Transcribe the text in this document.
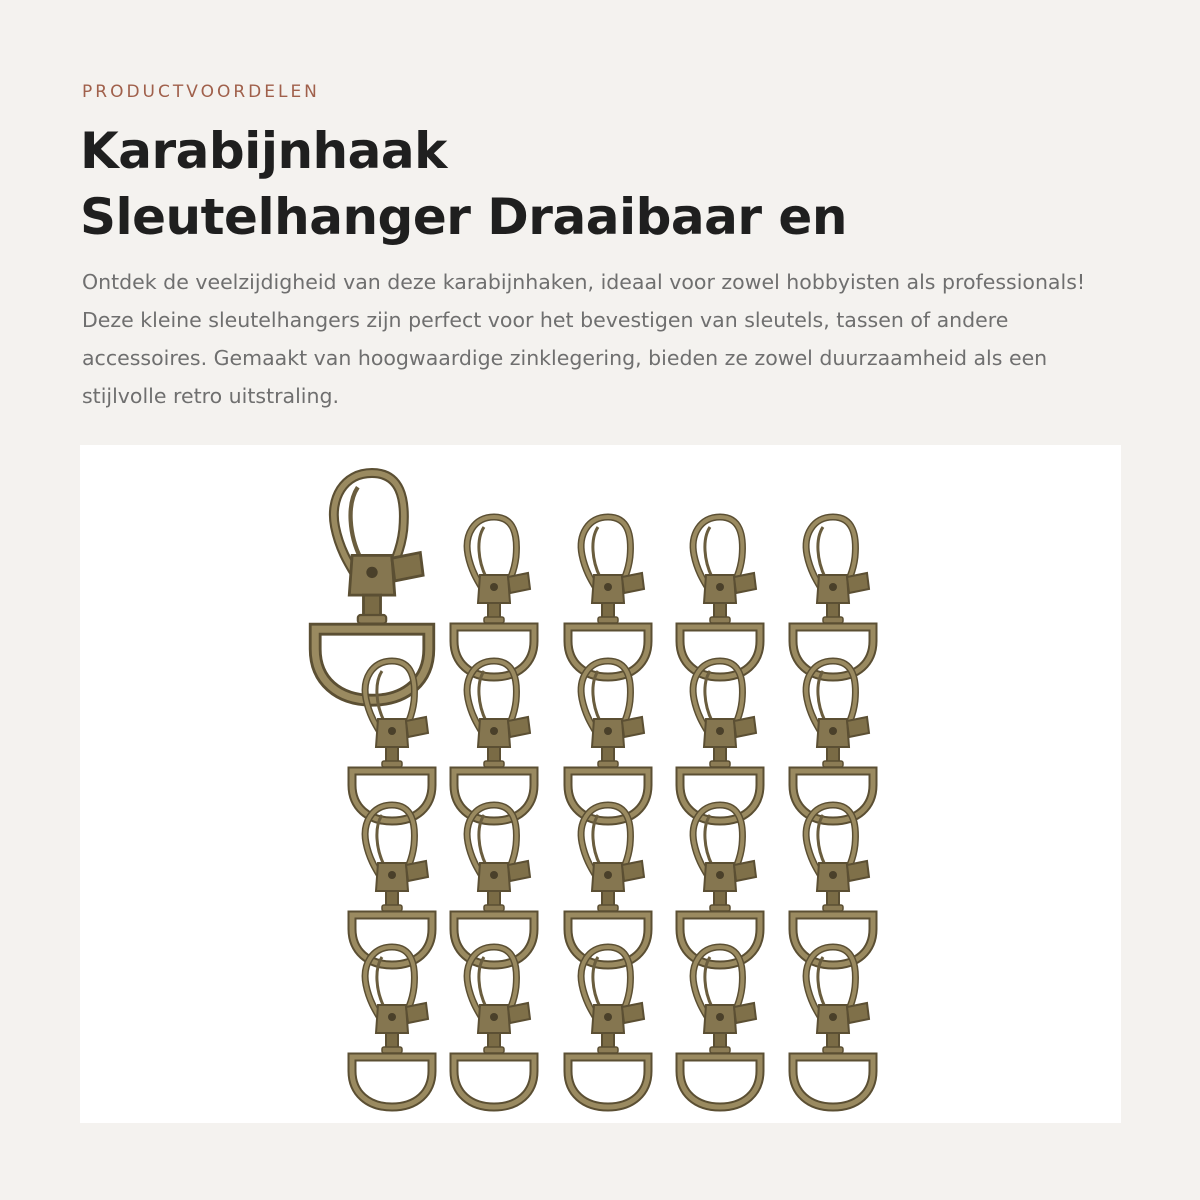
PRODUCTVOORDELEN
Karabijnhaak
Sleutelhanger Draaibaar en

Ontdek de veelzijdigheid van deze karabijnhaken, ideaal voor zowel hobbyisten als professionals! Deze kleine sleutelhangers zijn perfect voor het bevestigen van sleutels, tassen of andere accessoires. Gemaakt van hoogwaardige zinklegering, bieden ze zowel duurzaamheid als een stijlvolle retro uitstraling.
